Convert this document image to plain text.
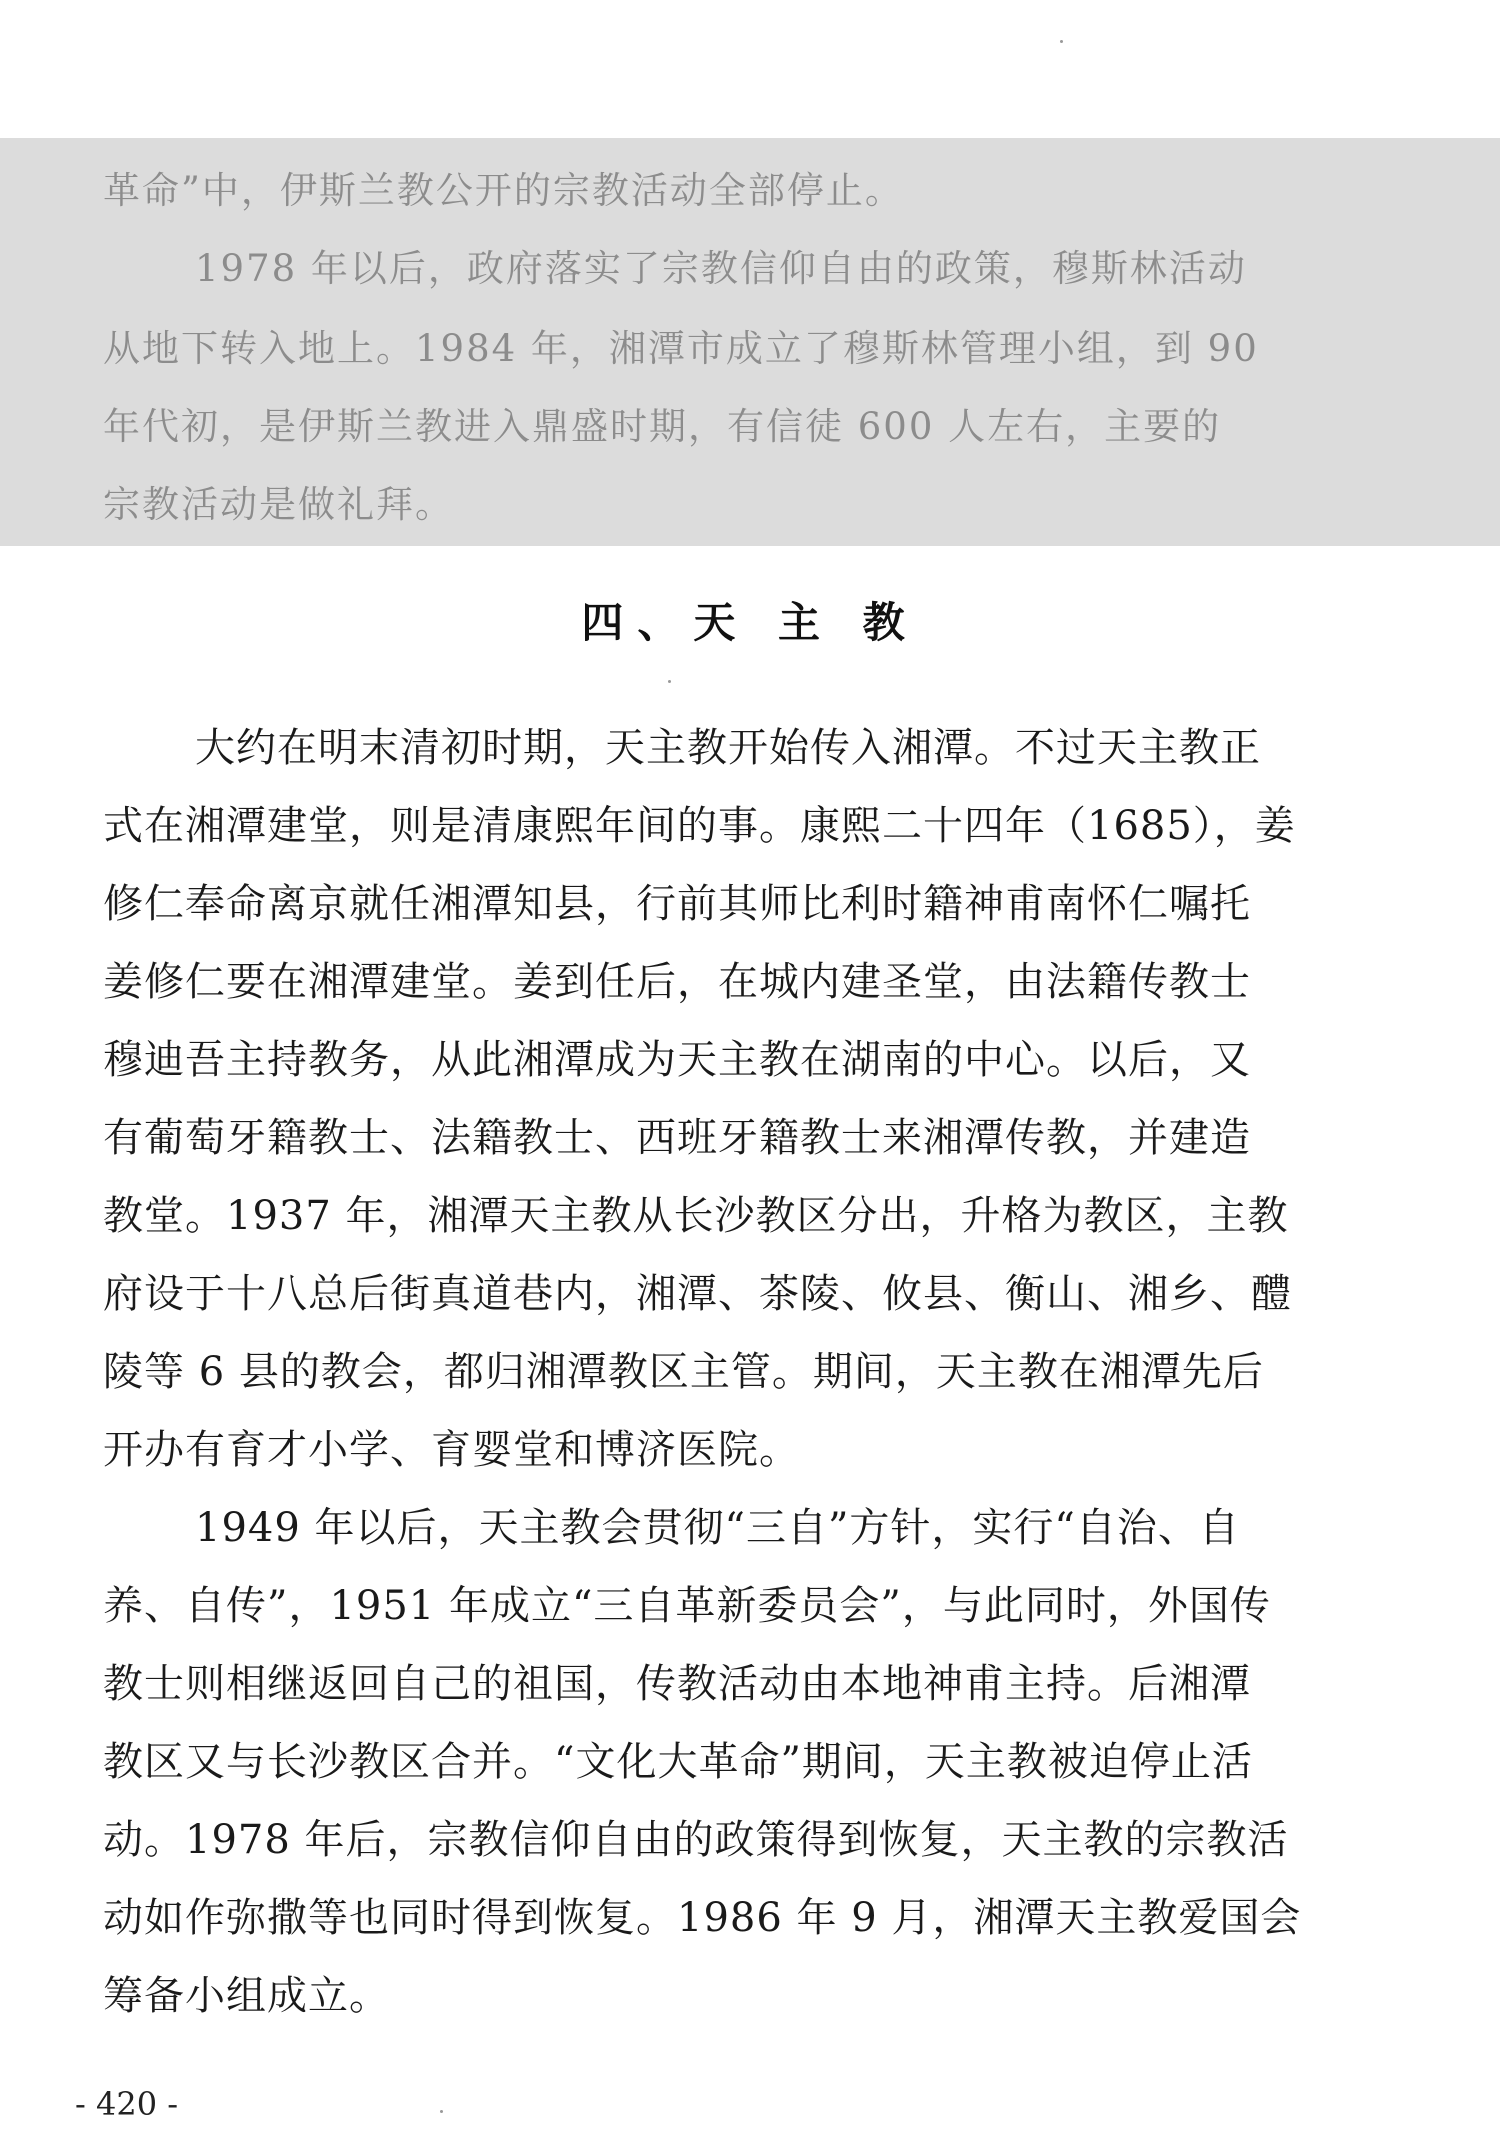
革命”中，伊斯兰教公开的宗教活动全部停止。

1978 年以后，政府落实了宗教信仰自由的政策，穆斯林活动

从地下转入地上。1984 年，湘潭市成立了穆斯林管理小组，到 90

年代初，是伊斯兰教进入鼎盛时期，有信徒 600 人左右，主要的

宗教活动是做礼拜。

四、天 主 教

大约在明末清初时期，天主教开始传入湘潭。不过天主教正

式在湘潭建堂，则是清康熙年间的事。康熙二十四年（1685），姜

修仁奉命离京就任湘潭知县，行前其师比利时籍神甫南怀仁嘱托

姜修仁要在湘潭建堂。姜到任后，在城内建圣堂，由法籍传教士

穆迪吾主持教务，从此湘潭成为天主教在湖南的中心。以后，又

有葡萄牙籍教士、法籍教士、西班牙籍教士来湘潭传教，并建造

教堂。1937 年，湘潭天主教从长沙教区分出，升格为教区，主教

府设于十八总后街真道巷内，湘潭、茶陵、攸县、衡山、湘乡、醴

陵等 6 县的教会，都归湘潭教区主管。期间，天主教在湘潭先后

开办有育才小学、育婴堂和博济医院。

1949 年以后，天主教会贯彻“三自”方针，实行“自治、自

养、自传”，1951 年成立“三自革新委员会”，与此同时，外国传

教士则相继返回自己的祖国，传教活动由本地神甫主持。后湘潭

教区又与长沙教区合并。“文化大革命”期间，天主教被迫停止活

动。1978 年后，宗教信仰自由的政策得到恢复，天主教的宗教活

动如作弥撒等也同时得到恢复。1986 年 9 月，湘潭天主教爱国会

筹备小组成立。

- 420 -
